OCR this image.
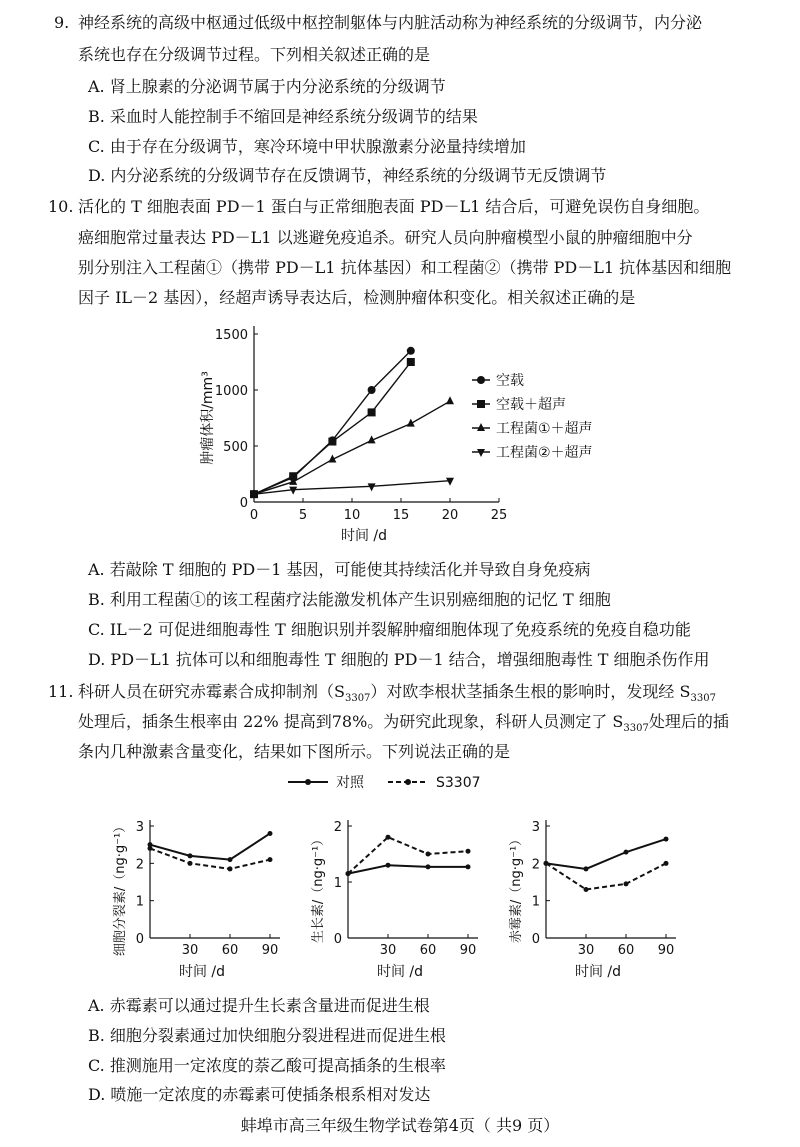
9. 神经系统的高级中枢通过低级中枢控制躯体与内脏活动称为神经系统的分级调节，内分泌
系统也存在分级调节过程。下列相关叙述正确的是
A. 肾上腺素的分泌调节属于内分泌系统的分级调节
B. 采血时人能控制手不缩回是神经系统分级调节的结果
C. 由于存在分级调节，寒冷环境中甲状腺激素分泌量持续增加
D. 内分泌系统的分级调节存在反馈调节，神经系统的分级调节无反馈调节
10. 活化的 T 细胞表面 PD－1 蛋白与正常细胞表面 PD－L1 结合后，可避免误伤自身细胞。
癌细胞常过量表达 PD－L1 以逃避免疫追杀。研究人员向肿瘤模型小鼠的肿瘤细胞中分
别分别注入工程菌①（携带 PD－L1 抗体基因）和工程菌②（携带 PD－L1 抗体基因和细胞
因子 IL－2 基因），经超声诱导表达后，检测肿瘤体积变化。相关叙述正确的是
0	5	10 15 20 25
0
500
1000
1500
时间 /d
肿瘤体积/mm³	空载
空载＋超声
工程菌①＋超声
工程菌②＋超声
A. 若敲除 T 细胞的 PD－1 基因，可能使其持续活化并导致自身免疫病
B. 利用工程菌①的该工程菌疗法能激发机体产生识别癌细胞的记忆 T 细胞
C. IL－2 可促进细胞毒性 T 细胞识别并裂解肿瘤细胞体现了免疫系统的免疫自稳功能
D. PD－L1 抗体可以和细胞毒性 T 细胞的 PD－1 结合，增强细胞毒性 T 细胞杀伤作用
11. 科研人员在研究赤霉素合成抑制剂$(S_{3307})$对欧李根状茎插条生根的影响时，发现经 $S_{3307}$
处理后，插条生根率由 22% 提高到78%。为研究此现象，科研人员测定了 $S_{3307}$处理后的插
条内几种激素含量变化，结果如下图所示。下列说法正确的是
对照	S3307
0
1
2
3
30 60 90
时间 /d
细胞分裂素/（ng·g⁻¹）	0
1
2
30 60 90
时间 /d
生长素/（ng·g⁻¹）	0
1
2
3
30 60 90
时间 /d
赤霉素/（ng·g⁻¹）
A. 赤霉素可以通过提升生长素含量进而促进生根
B. 细胞分裂素通过加快细胞分裂进程进而促进生根
C. 推测施用一定浓度的萘乙酸可提高插条的生根率
D. 喷施一定浓度的赤霉素可使插条根系相对发达
蚌埠市高三年级生物学试卷第4页（ 共9 页）
